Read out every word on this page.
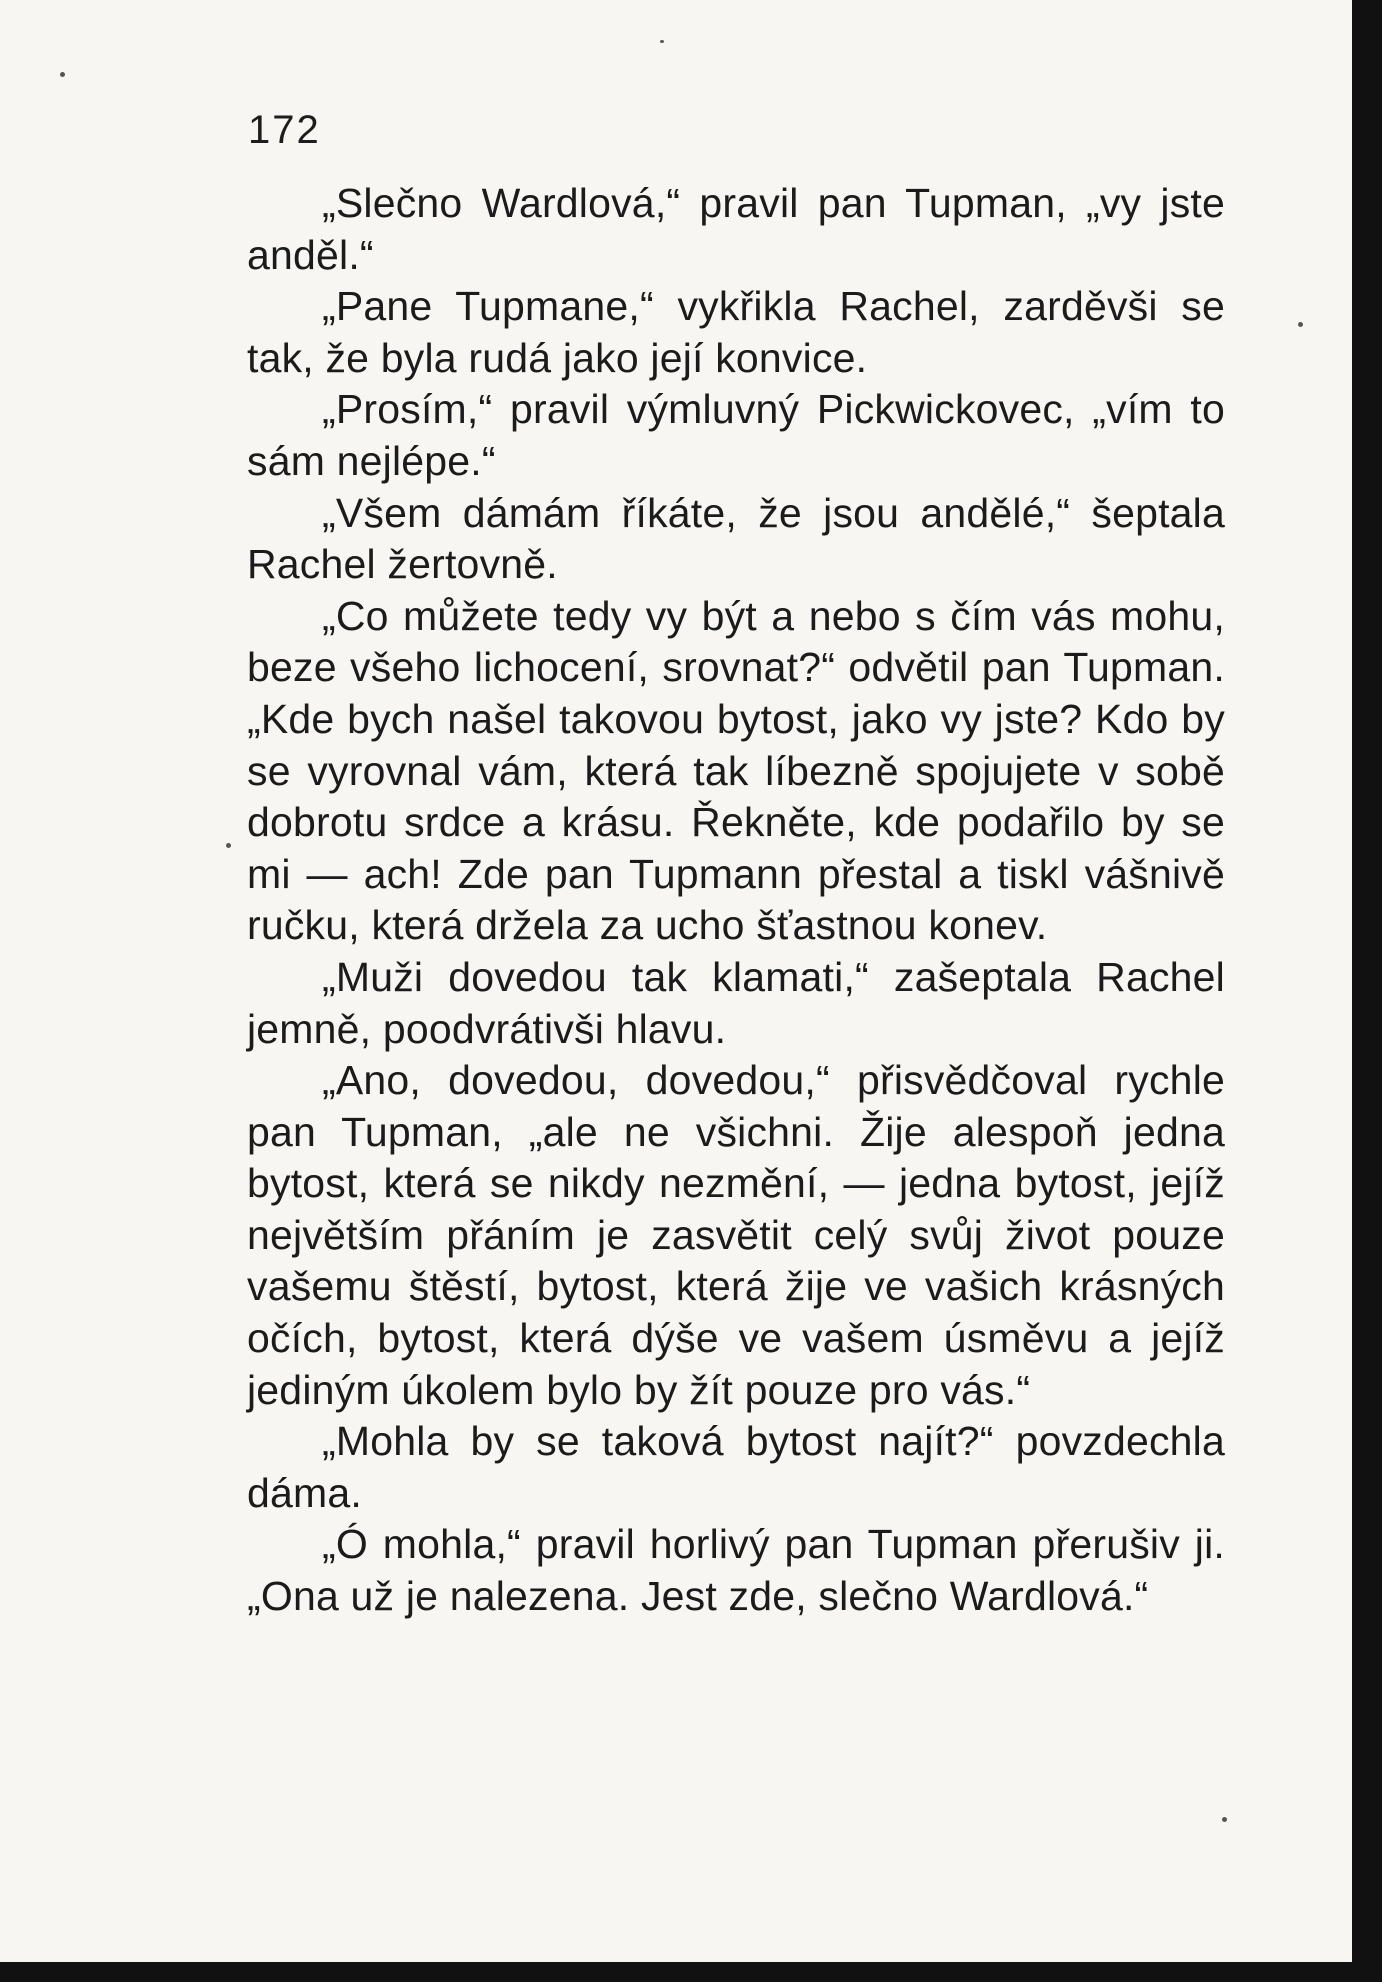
172

„Slečno Wardlová,“ pravil pan Tupman, „vy jste anděl.“

„Pane Tupmane,“ vykřikla Rachel, zarděvši se tak, že byla rudá jako její konvice.

„Prosím,“ pravil výmluvný Pickwickovec, „vím to sám nejlépe.“

„Všem dámám říkáte, že jsou andělé,“ šeptala Rachel žertovně.

„Co můžete tedy vy být a nebo s čím vás mohu, beze všeho lichocení, srovnat?“ odvětil pan Tupman. „Kde bych našel takovou bytost, jako vy jste? Kdo by se vyrovnal vám, která tak líbezně spojujete v sobě dobrotu srdce a krásu. Řekněte, kde podařilo by se mi — ach! Zde pan Tupmann přestal a tiskl vášnivě ručku, která držela za ucho šťastnou konev.

„Muži dovedou tak klamati,“ zašeptala Rachel jemně, poodvrátivši hlavu.

„Ano, dovedou, dovedou,“ přisvědčoval rychle pan Tupman, „ale ne všichni. Žije alespoň jedna bytost, která se nikdy nezmění, — jedna bytost, jejíž největším přáním je zasvětit celý svůj život pouze vašemu štěstí, bytost, která žije ve vašich krásných očích, bytost, která dýše ve vašem úsměvu a jejíž jediným úkolem bylo by žít pouze pro vás.“

„Mohla by se taková bytost najít?“ povzdechla dáma.

„Ó mohla,“ pravil horlivý pan Tupman přerušiv ji. „Ona už je nalezena. Jest zde, slečno Wardlová.“
